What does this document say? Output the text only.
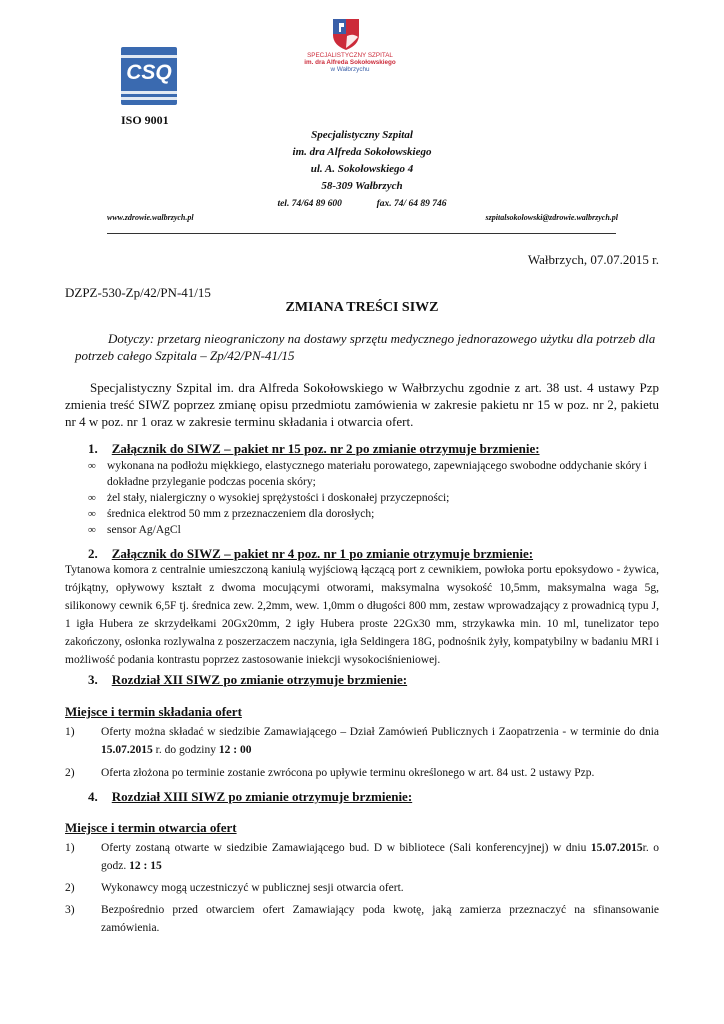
CSQ
ISO 9001
SPECJALISTYCZNY SZPITAL
im. dra Alfreda Sokołowskiego
w Wałbrzychu
Specjalistyczny Szpital
im. dra Alfreda Sokołowskiego
ul. A. Sokołowskiego 4
58-309 Wałbrzych
tel. 74/64 89 600	fax. 74/ 64 89 746
www.zdrowie.walbrzych.pl	szpitalsokolowski@zdrowie.walbrzych.pl
Wałbrzych, 07.07.2015 r.
DZPZ-530-Zp/42/PN-41/15
ZMIANA TREŚCI SIWZ
Dotyczy: przetarg nieograniczony na dostawy sprzętu medycznego jednorazowego użytku dla potrzeb dla potrzeb całego Szpitala – Zp/42/PN-41/15
Specjalistyczny Szpital im. dra Alfreda Sokołowskiego w Wałbrzychu zgodnie z art. 38 ust. 4 ustawy Pzp zmienia treść SIWZ poprzez zmianę opisu przedmiotu zamówienia w zakresie pakietu nr 15 w poz. nr 2, pakietu nr 4 w poz. nr 1 oraz w zakresie terminu składania i otwarcia ofert.
1. Załącznik do SIWZ – pakiet nr 15 poz. nr 2 po zmianie otrzymuje brzmienie:
∞ wykonana na podłożu miękkiego, elastycznego materiału porowatego, zapewniającego swobodne oddychanie skóry i dokładne przyleganie podczas pocenia skóry;
∞ żel stały, nialergiczny o wysokiej sprężystości i doskonałej przyczepności;
∞ średnica elektrod 50 mm z przeznaczeniem dla dorosłych;
∞ sensor Ag/AgCl
2. Załącznik do SIWZ – pakiet nr 4 poz. nr 1 po zmianie otrzymuje brzmienie:
Tytanowa komora z centralnie umieszczoną kaniulą wyjściową łączącą port z cewnikiem, powłoka portu epoksydowo - żywica, trójkątny, opływowy kształt z dwoma mocującymi otworami, maksymalna wysokość 10,5mm, maksymalna waga 5g, silikonowy cewnik 6,5F tj. średnica zew. 2,2mm, wew. 1,0mm o długości 800 mm, zestaw wprowadzający z prowadnicą typu J, 1 igła Hubera ze skrzydełkami 20Gx20mm, 2 igły Hubera proste 22Gx30 mm, strzykawka min. 10 ml, tunelizator tepo zakończony, osłonka rozlywalna z poszerzaczem naczynia, igła Seldingera 18G, podnośnik żyły, kompatybilny w badaniu MRI i możliwość podania kontrastu poprzez zastosowanie iniekcji wysokociśnieniowej.
3. Rozdział XII SIWZ po zmianie otrzymuje brzmienie:
Miejsce i termin składania ofert
1) Oferty można składać w siedzibie Zamawiającego – Dział Zamówień Publicznych i Zaopatrzenia - w terminie do dnia 15.07.2015 r. do godziny 12 : 00
2) Oferta złożona po terminie zostanie zwrócona po upływie terminu określonego w art. 84 ust. 2 ustawy Pzp.
4. Rozdział XIII SIWZ po zmianie otrzymuje brzmienie:
Miejsce i termin otwarcia ofert
1) Oferty zostaną otwarte w siedzibie Zamawiającego bud. D w bibliotece (Sali konferencyjnej) w dniu 15.07.2015r. o godz. 12 : 15
2) Wykonawcy mogą uczestniczyć w publicznej sesji otwarcia ofert.
3) Bezpośrednio przed otwarciem ofert Zamawiający poda kwotę, jaką zamierza przeznaczyć na sfinansowanie zamówienia.
